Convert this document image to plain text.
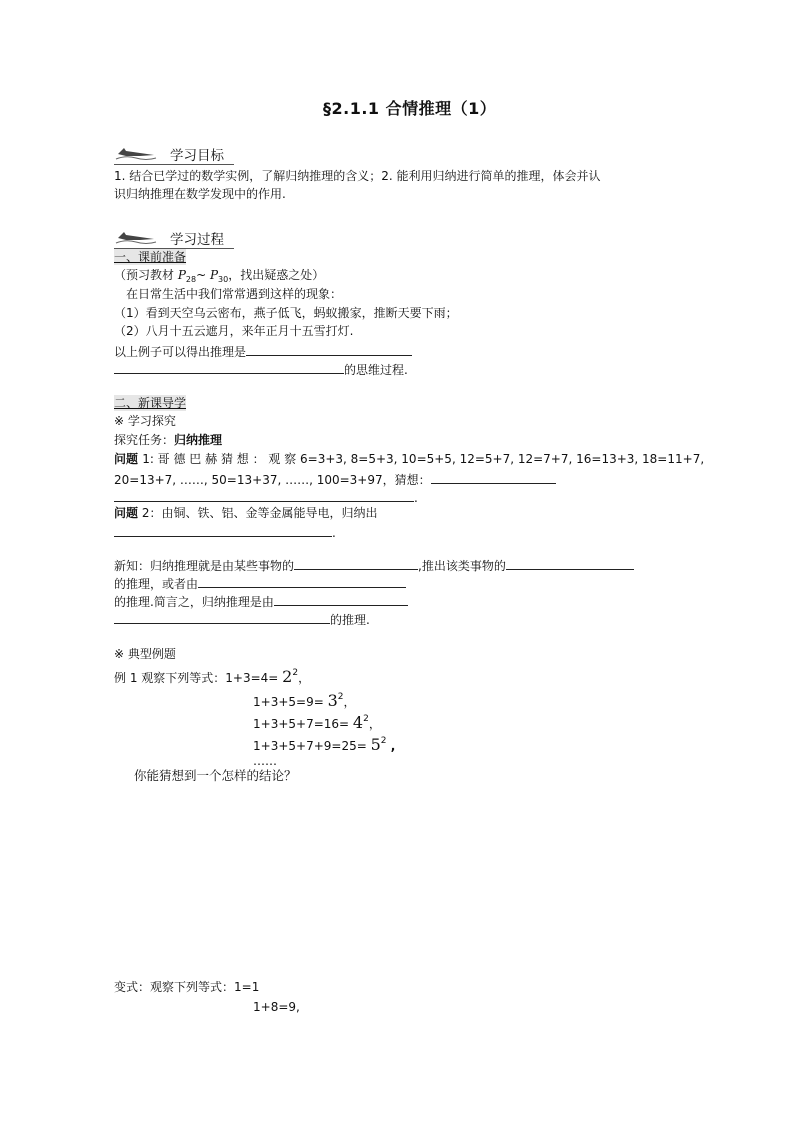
§2.1.1 合情推理（1）
学习目标
1. 结合已学过的数学实例，了解归纳推理的含义；2. 能利用归纳进行简单的推理，体会并认
识归纳推理在数学发现中的作用.
学习过程
一、课前准备
（预习教材 $P_{28}\sim$ $P_{30}$，找出疑惑之处）
在日常生活中我们常常遇到这样的现象：
（1）看到天空乌云密布，燕子低飞，蚂蚁搬家，推断天要下雨；
（2）八月十五云遮月，来年正月十五雪打灯.
以上例子可以得出推理是
的思维过程.
二、新课导学
※ 学习探究
探究任务：归纳推理
问题 1: 哥 德 巴 赫 猜 想 ： 观 察 6=3+3, 8=5+3, 10=5+5, 12=5+7, 12=7+7, 16=13+3, 18=11+7,
20=13+7, ……, 50=13+37, ……, 100=3+97，猜想：
.
问题 2：由铜、铁、铝、金等金属能导电，归纳出
.
新知：归纳推理就是由某些事物的	,推出该类事物的
的推理，或者由
的推理.简言之，归纳推理是由
的推理.
※ 典型例题
例 1 观察下列等式：$1+3=4= 2^2$，
$1+3+5=9= 3^2$，
$1+3+5+7=16= 4^2$，
$1+3+5+7+9=25= 5^2$ ,
……
你能猜想到一个怎样的结论？
变式：观察下列等式：1=1
1+8=9,
